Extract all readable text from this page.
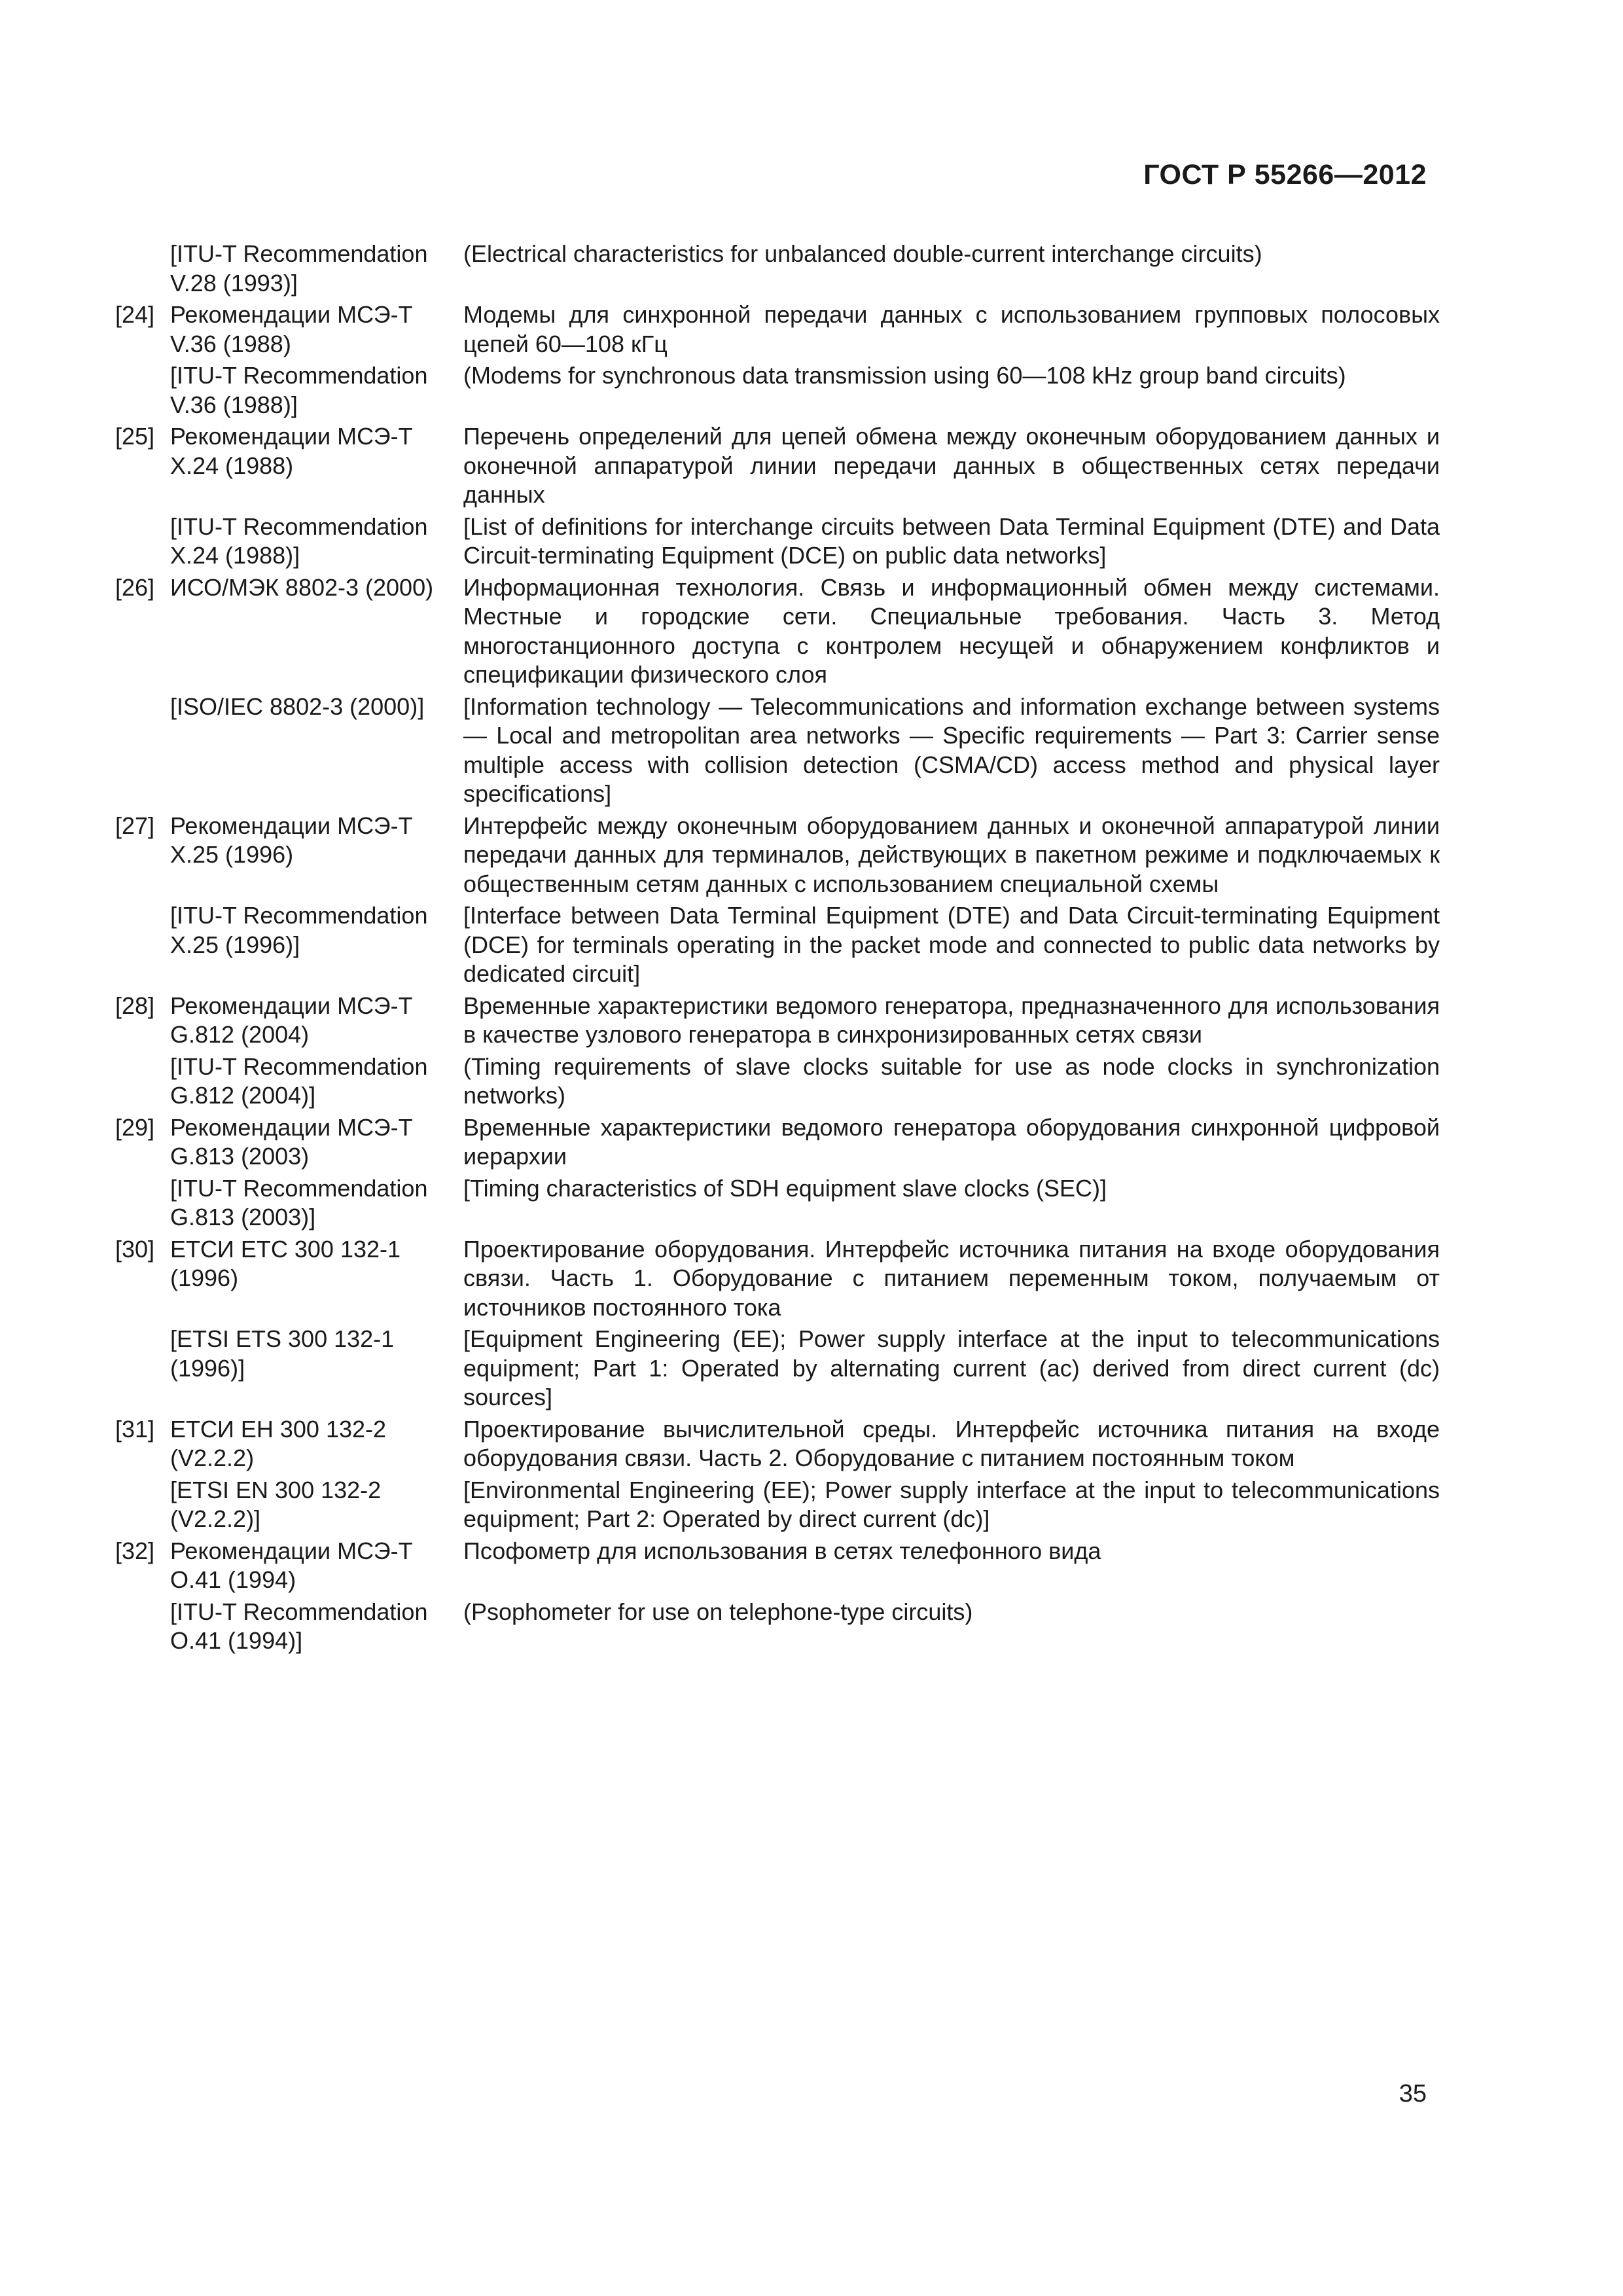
ГОСТ Р 55266—2012
	[ITU-T Recommendation V.28 (1993)]	(Electrical characteristics for unbalanced double-current interchange circuits)
[24]	Рекомендации МСЭ-Т V.36 (1988)	Модемы для синхронной передачи данных с использованием групповых полосовых цепей 60—108 кГц
	[ITU-T Recommendation V.36 (1988)]	(Modems for synchronous data transmission using 60—108 kHz group band circuits)
[25]	Рекомендации МСЭ-Т Х.24 (1988)	Перечень определений для цепей обмена между оконечным оборудованием данных и оконечной аппаратурой линии передачи данных в общественных сетях передачи данных
	[ITU-T Recommendation X.24 (1988)]	[List of definitions for interchange circuits between Data Terminal Equipment (DTE) and Data Circuit-terminating Equipment (DCE) on public data networks]
[26]	ИСО/МЭК 8802-3 (2000)	Информационная технология. Связь и информационный обмен между системами. Местные и городские сети. Специальные требования. Часть 3. Метод многостанционного доступа с контролем несущей и обнаружением конфликтов и спецификации физического слоя
	[ISO/IEC 8802-3 (2000)]	[Information technology — Telecommunications and information exchange between systems — Local and metropolitan area networks — Specific requirements — Part 3: Carrier sense multiple access with collision detection (CSMA/CD) access method and physical layer specifications]
[27]	Рекомендации МСЭ-Т Х.25 (1996)	Интерфейс между оконечным оборудованием данных и оконечной аппаратурой линии передачи данных для терминалов, действующих в пакетном режиме и подключаемых к общественным сетям данных с использованием специальной схемы
	[ITU-T Recommendation X.25 (1996)]	[Interface between Data Terminal Equipment (DTE) and Data Circuit-terminating Equipment (DCE) for terminals operating in the packet mode and connected to public data networks by dedicated circuit]
[28]	Рекомендации МСЭ-Т G.812 (2004)	Временные характеристики ведомого генератора, предназначенного для использования в качестве узлового генератора в синхронизированных сетях связи
	[ITU-T Recommendation G.812 (2004)]	(Timing requirements of slave clocks suitable for use as node clocks in synchronization networks)
[29]	Рекомендации МСЭ-Т G.813 (2003)	Временные характеристики ведомого генератора оборудования синхронной цифровой иерархии
	[ITU-T Recommendation G.813 (2003)]	[Timing characteristics of SDH equipment slave clocks (SEC)]
[30]	ЕТСИ ЕТС 300 132-1 (1996)	Проектирование оборудования. Интерфейс источника питания на входе оборудования связи. Часть 1. Оборудование с питанием переменным током, получаемым от источников постоянного тока
	[ETSI ETS 300 132-1 (1996)]	[Equipment Engineering (EE); Power supply interface at the input to telecommunications equipment; Part 1: Operated by alternating current (ac) derived from direct current (dc) sources]
[31]	ЕТСИ ЕН 300 132-2 (V2.2.2)	Проектирование вычислительной среды. Интерфейс источника питания на входе оборудования связи. Часть 2. Оборудование с питанием постоянным током
	[ETSI EN 300 132-2 (V2.2.2)]	[Environmental Engineering (EE); Power supply interface at the input to telecommunications equipment; Part 2: Operated by direct current (dc)]
[32]	Рекомендации МСЭ-Т О.41 (1994)	Псофометр для использования в сетях телефонного вида
	[ITU-T Recommendation O.41 (1994)]	(Psophometer for use on telephone-type circuits)
35
